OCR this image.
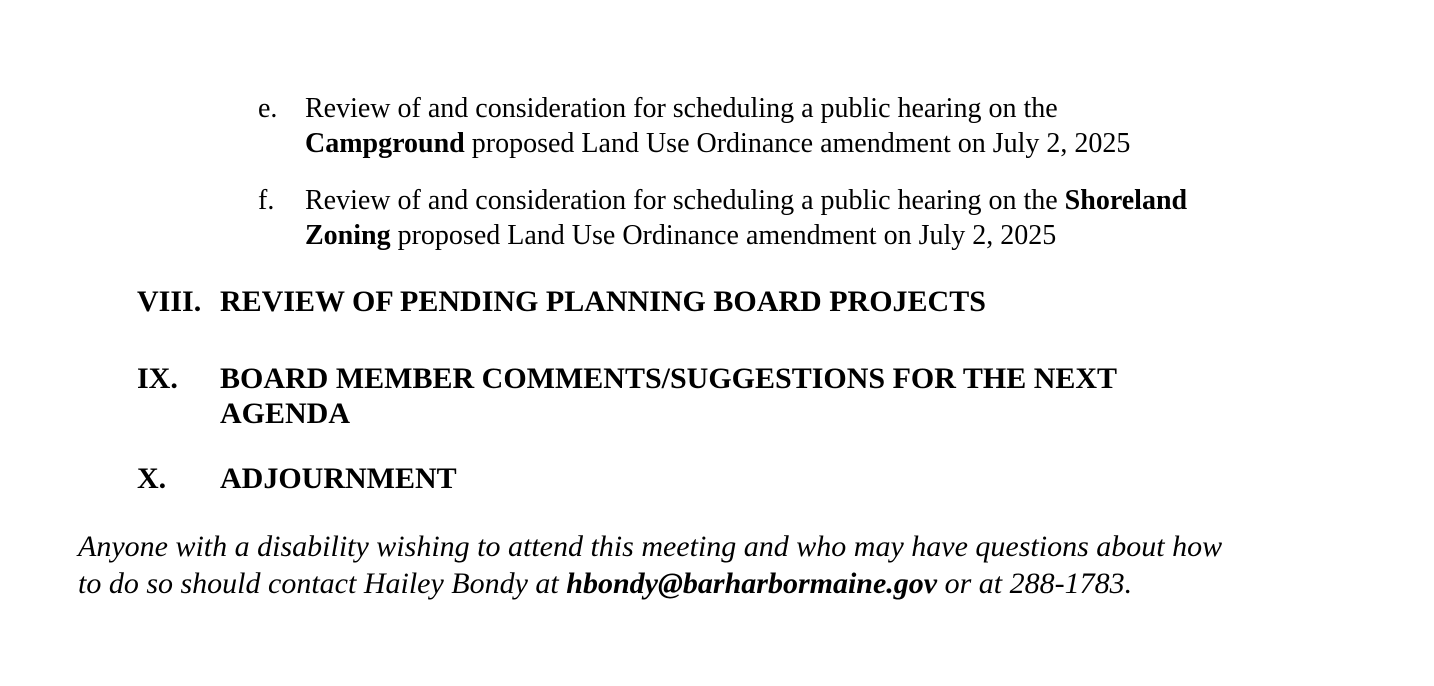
e. Review of and consideration for scheduling a public hearing on the
Campground proposed Land Use Ordinance amendment on July 2, 2025
f.	Review of and consideration for scheduling a public hearing on the Shoreland
Zoning proposed Land Use Ordinance amendment on July 2, 2025
VIII. REVIEW OF PENDING PLANNING BOARD PROJECTS
IX.	BOARD MEMBER COMMENTS/SUGGESTIONS FOR THE NEXT
AGENDA
X.	ADJOURNMENT
Anyone with a disability wishing to attend this meeting and who may have questions about how
to do so should contact Hailey Bondy at hbondy@barharbormaine.gov or at 288-1783.
